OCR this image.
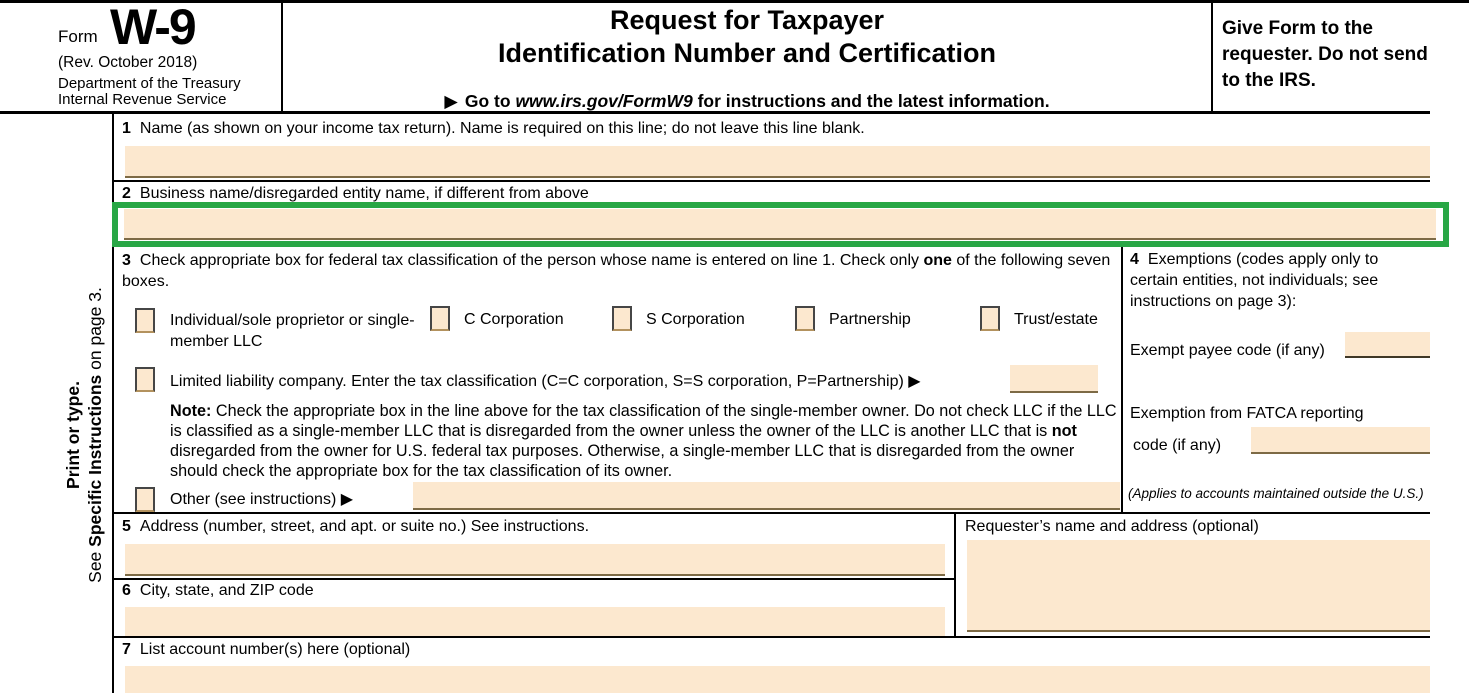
Form W-9
(Rev. October 2018)
Department of the Treasury
Internal Revenue Service
Request for Taxpayer
Identification Number and Certification
▶ Go to www.irs.gov/FormW9 for instructions and the latest information.
Give Form to the requester. Do not send to the IRS.
Print or type.
See Specific Instructions on page 3.
1 Name (as shown on your income tax return). Name is required on this line; do not leave this line blank.
2 Business name/disregarded entity name, if different from above
3 Check appropriate box for federal tax classification of the person whose name is entered on line 1. Check only one of the following seven boxes.
Individual/sole proprietor or single-member LLC
C Corporation	S Corporation	Partnership	Trust/estate
Limited liability company. Enter the tax classification (C=C corporation, S=S corporation, P=Partnership) ▶
Note: Check the appropriate box in the line above for the tax classification of the single-member owner. Do not check LLC if the LLC is classified as a single-member LLC that is disregarded from the owner unless the owner of the LLC is another LLC that is not disregarded from the owner for U.S. federal tax purposes. Otherwise, a single-member LLC that is disregarded from the owner should check the appropriate box for the tax classification of its owner.
Other (see instructions) ▶
4 Exemptions (codes apply only to certain entities, not individuals; see instructions on page 3):
Exempt payee code (if any)
Exemption from FATCA reporting
code (if any)
(Applies to accounts maintained outside the U.S.)
5 Address (number, street, and apt. or suite no.) See instructions.	Requester’s name and address (optional)
6 City, state, and ZIP code
7 List account number(s) here (optional)
